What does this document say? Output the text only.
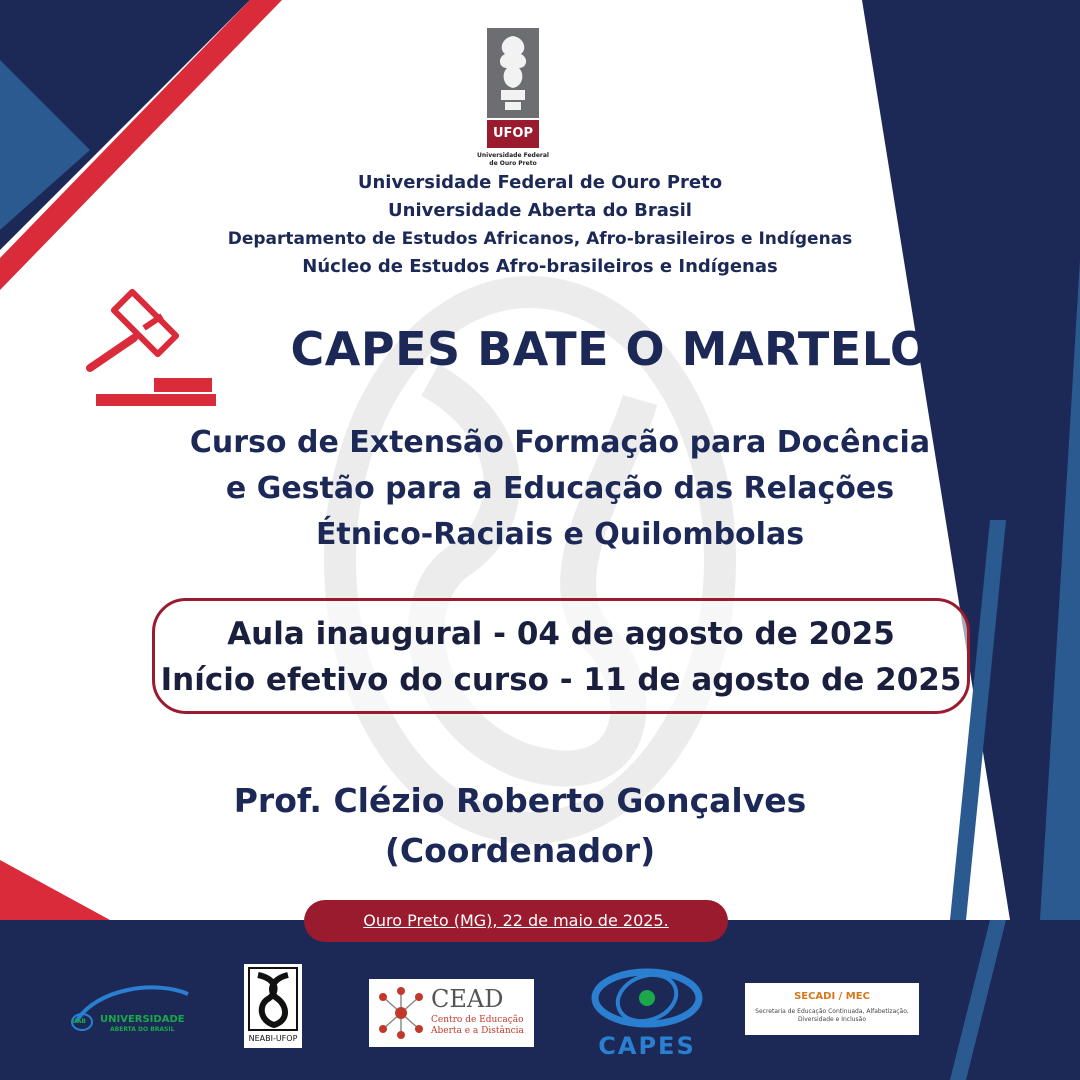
UFOP
Universidade Federal
de Ouro Preto
Universidade Federal de Ouro Preto
Universidade Aberta do Brasil
Departamento de Estudos Africanos, Afro-brasileiros e Indígenas
Núcleo de Estudos Afro-brasileiros e Indígenas
CAPES BATE O MARTELO
Curso de Extensão Formação para Docência
e Gestão para a Educação das Relações
Étnico-Raciais e Quilombolas
Aula inaugural - 04 de agosto de 2025
Início efetivo do curso - 11 de agosto de 2025
Prof. Clézio Roberto Gonçalves
(Coordenador)
Ouro Preto (MG), 22 de maio de 2025.
UAB UNIVERSIDADE
ABERTA DO BRASIL
NEABI-UFOP
CEAD
Centro de Educação
Aberta e a Distância
CAPES
SECADI / MEC
Secretaria de Educação Continuada, Alfabetização,
Diversidade e Inclusão
